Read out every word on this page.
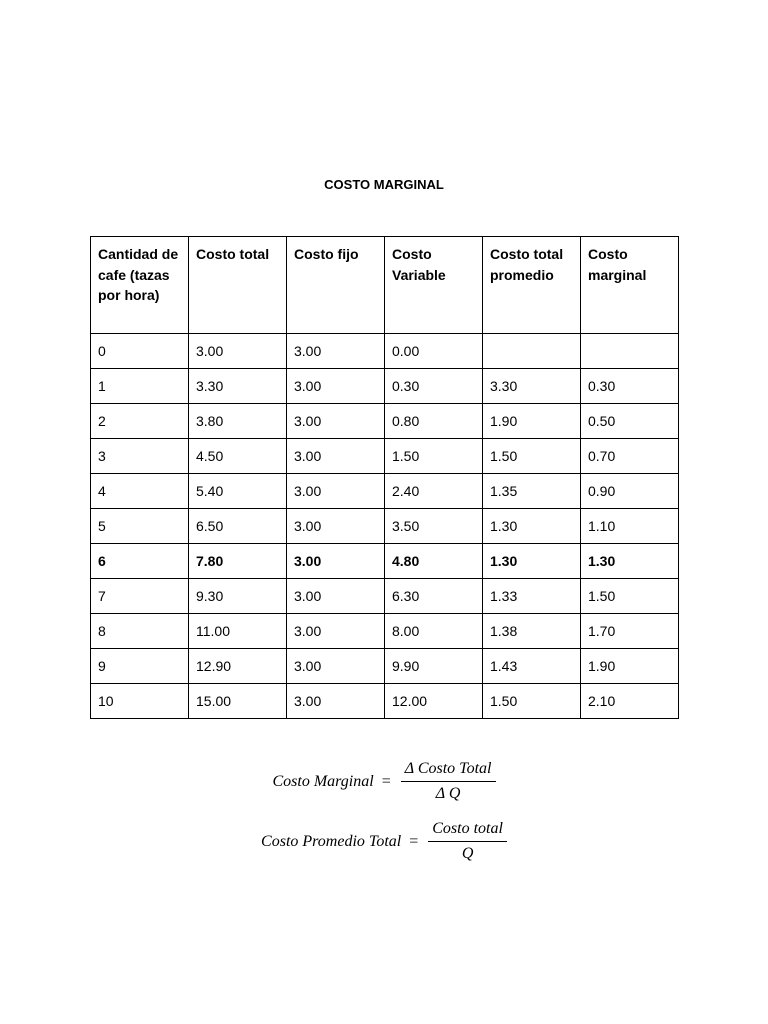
COSTO MARGINAL
Cantidad de cafe (tazas por hora)	Costo total	Costo fijo	Costo Variable	Costo total promedio	Costo marginal
0	3.00	3.00	0.00		
1	3.30	3.00	0.30	3.30	0.30
2	3.80	3.00	0.80	1.90	0.50
3	4.50	3.00	1.50	1.50	0.70
4	5.40	3.00	2.40	1.35	0.90
5	6.50	3.00	3.50	1.30	1.10
6	7.80	3.00	4.80	1.30	1.30
7	9.30	3.00	6.30	1.33	1.50
8	11.00	3.00	8.00	1.38	1.70
9	12.90	3.00	9.90	1.43	1.90
10	15.00	3.00	12.00	1.50	2.10
Costo Marginal = $\frac{\text{Δ Costo Total}}{\text{Δ Q}}$
Costo Promedio Total = $\frac{\text{Costo total}}{Q}$
